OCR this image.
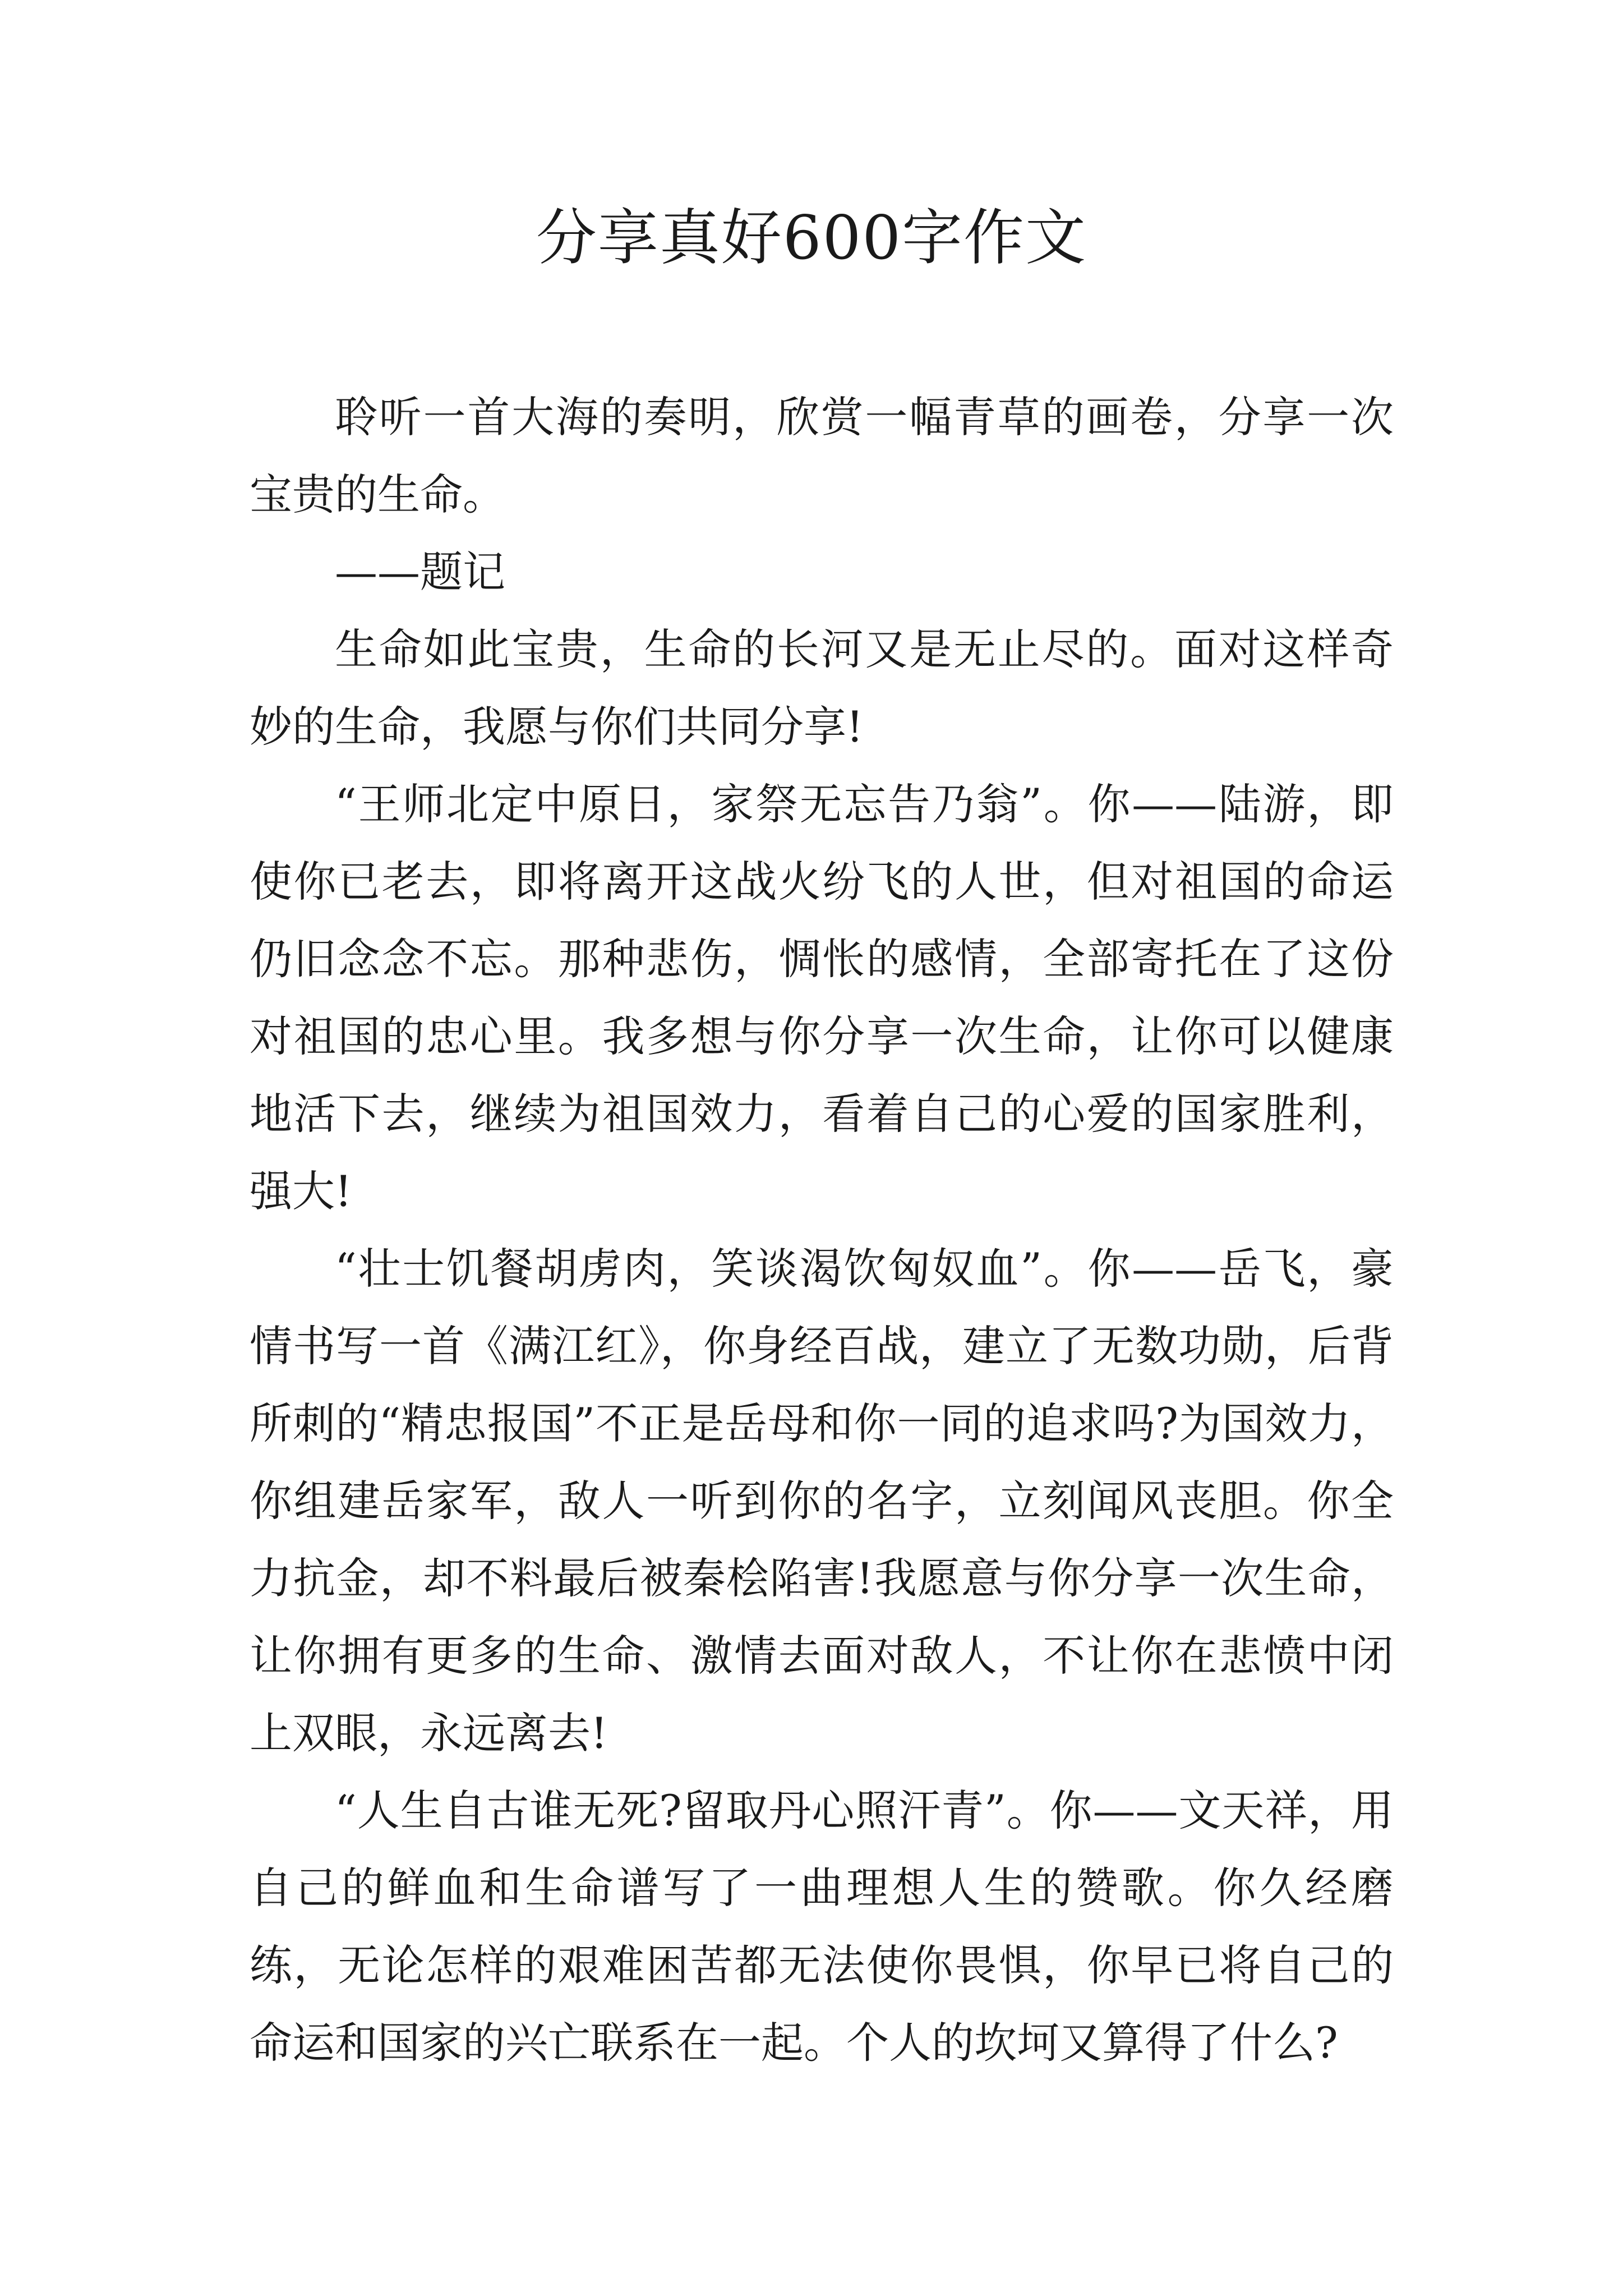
分享真好600字作文

聆听一首大海的奏明，欣赏一幅青草的画卷，分享一次宝贵的生命。

——题记

生命如此宝贵，生命的长河又是无止尽的。面对这样奇妙的生命，我愿与你们共同分享!

“王师北定中原日，家祭无忘告乃翁”。你——陆游，即使你已老去，即将离开这战火纷飞的人世，但对祖国的命运仍旧念念不忘。那种悲伤，惆怅的感情，全部寄托在了这份对祖国的忠心里。我多想与你分享一次生命，让你可以健康地活下去，继续为祖国效力，看着自己的心爱的国家胜利，强大!

“壮士饥餐胡虏肉，笑谈渴饮匈奴血”。你——岳飞，豪情书写一首《满江红》，你身经百战，建立了无数功勋，后背所刺的“精忠报国”不正是岳母和你一同的追求吗?为国效力，你组建岳家军，敌人一听到你的名字，立刻闻风丧胆。你全力抗金，却不料最后被秦桧陷害!我愿意与你分享一次生命，让你拥有更多的生命、激情去面对敌人，不让你在悲愤中闭上双眼，永远离去!

“人生自古谁无死?留取丹心照汗青”。你——文天祥，用自己的鲜血和生命谱写了一曲理想人生的赞歌。你久经磨练，无论怎样的艰难困苦都无法使你畏惧，你早已将自己的命运和国家的兴亡联系在一起。个人的坎坷又算得了什么?
